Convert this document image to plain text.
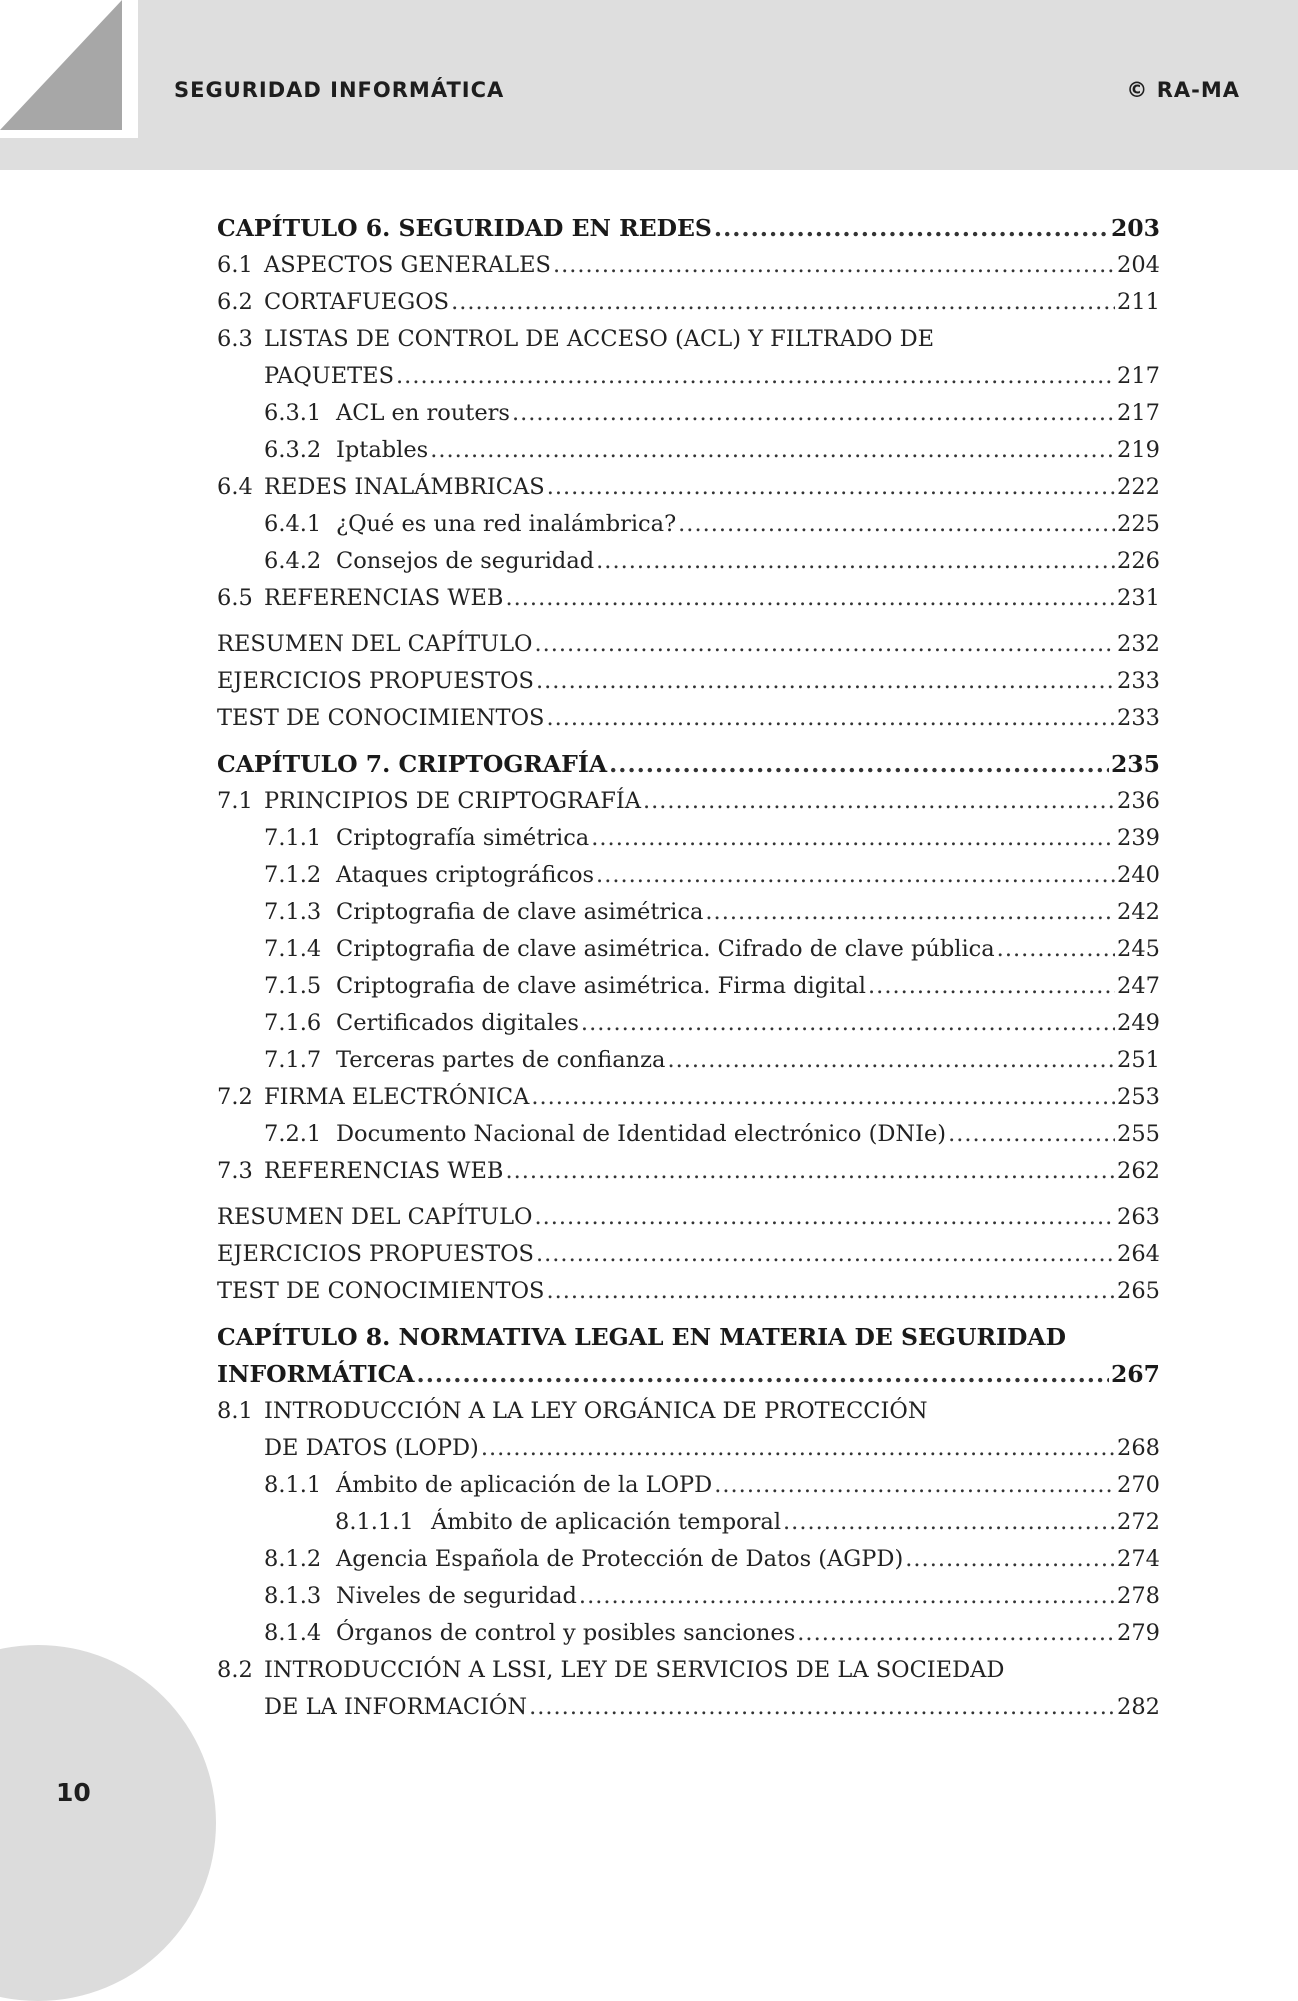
SEGURIDAD INFORMÁTICA	© RA-MA
CAPÍTULO 6. SEGURIDAD EN REDES .....	203
6.1 ASPECTOS GENERALES .....	204
6.2 CORTAFUEGOS .....	211
6.3 LISTAS DE CONTROL DE ACCESO (ACL) Y FILTRADO DE
PAQUETES .....	217
6.3.1 ACL en routers .....	217
6.3.2 Iptables .....	219
6.4 REDES INALÁMBRICAS .....	222
6.4.1 ¿Qué es una red inalámbrica? .....	225
6.4.2 Consejos de seguridad .....	226
6.5 REFERENCIAS WEB .....	231
RESUMEN DEL CAPÍTULO .....	232
EJERCICIOS PROPUESTOS .....	233
TEST DE CONOCIMIENTOS .....	233
CAPÍTULO 7. CRIPTOGRAFÍA .....	235
7.1 PRINCIPIOS DE CRIPTOGRAFÍA .....	236
7.1.1 Criptografía simétrica .....	239
7.1.2 Ataques criptográficos .....	240
7.1.3 Criptografia de clave asimétrica .....	242
7.1.4 Criptografia de clave asimétrica. Cifrado de clave pública .....	245
7.1.5 Criptografia de clave asimétrica. Firma digital .....	247
7.1.6 Certificados digitales .....	249
7.1.7 Terceras partes de confianza .....	251
7.2 FIRMA ELECTRÓNICA .....	253
7.2.1 Documento Nacional de Identidad electrónico (DNIe) .....	255
7.3 REFERENCIAS WEB .....	262
RESUMEN DEL CAPÍTULO .....	263
EJERCICIOS PROPUESTOS .....	264
TEST DE CONOCIMIENTOS .....	265
CAPÍTULO 8. NORMATIVA LEGAL EN MATERIA DE SEGURIDAD
INFORMÁTICA .....	267
8.1 INTRODUCCIÓN A LA LEY ORGÁNICA DE PROTECCIÓN
DE DATOS (LOPD) .....	268
8.1.1 Ámbito de aplicación de la LOPD .....	270
8.1.1.1 Ámbito de aplicación temporal .....	272
8.1.2 Agencia Española de Protección de Datos (AGPD) .....	274
8.1.3 Niveles de seguridad .....	278
8.1.4 Órganos de control y posibles sanciones .....	279
8.2 INTRODUCCIÓN A LSSI, LEY DE SERVICIOS DE LA SOCIEDAD
DE LA INFORMACIÓN .....	282
10
